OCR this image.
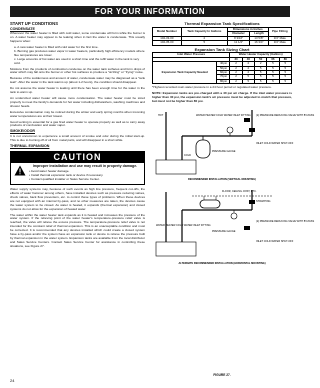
FOR YOUR INFORMATION
START UP CONDITIONS
CONDENSATE

Whenever the water heater is filled with cold water, some condensate will form while the burner is on. A water heater may appear to be leaking when in fact the water is condensate. This usually happens when:

a. A new water heater is filled with cold water for the first time.
b. Burning gas produces water vapor in water heaters, particularly high efficiency models where flue temperatures are lower.
c. Large amounts of hot water are used in a short time and the refill water in the tank is very cold.

Moisture from the products of combustion condense on the water tank surfaces and form drops of water which may fall onto the burner or other hot surfaces to produce a "sizzling" or "frying" noise.

Because of the suddenness and amount of water, condensate water may be diagnosed as a "tank leak". After the water in the tank warms up (about 1-2 hours), the condition should disappear.

Do not assume the water heater is leaking until there has been enough time for the water in the tank to warm up.

An undersized water heater will cause more condensation. The water heater must be sized properly to meet the family's demands for hot water including dishwashers, washing machines and shower heads.

Excessive condensation may be noticed during the winter and early spring months when incoming water temperatures are at their lowest.

Good venting is essential for a gas fired water heater to operate properly as well as to carry away products of combustion and water vapor.

SMOKE/ODOR

It is not uncommon to experience a small amount of smoke and odor during the initial start-up. This is due to burning off of oil from metal parts, and will disappear in a short while.

THERMAL EXPANSION
CAUTION
Improper installation and use may result in property damage.
• Avoid water heater damage.
• Install thermal expansion tank or device if necessary.
• Contact qualified installer or Sales Service Center.

Water supply systems may, because of such events as high line pressure, frequent cut-offs, the effects of water hammer among others, have installed devices such as pressure reducing valves, check valves, back flow preventers, etc. to control these types of problems. When these devices are not equipped with an internal by-pass, and no other measures are taken, the devices cause the water system to be closed. As water is heated, it expands (thermal expansion) and closed systems do not allow for the expansion of heated water.

The water within the water heater tank expands as it is heated and increases the pressure of the water system. If the relieving point of the water heater's temperature-pressure relief valve is reached, the valve will relieve the excess pressure. The temperature-pressure relief valve is not intended for the constant relief of thermal expansion. This is an unacceptable condition and must be corrected. It is recommended that any devices installed which could create a closed system have a by-pass and/or the system have an expansion tank or device to relieve the pressure built by thermal expansion in the water system. Expansion tanks are available from the local distributor and Sales Service Centers. Contact Sales Service Center for assistance in controlling these situations, see Figure 27.

Thermal Expansion Tank Specifications
Model Number	Tank Capacity In Gallons	Dimensions in Inches		Pipe Fitting
		Diameter	Length	
102-33-00	2	8 3/16"	13 5/8"	3/4" Male
102-35-00	5	11 1/4"	16 3/4"	3/4" Male
Expansion Tank Sizing Chart
Inlet Water Pressure		Water Heater Capacity (Gallons)				
		30	40	50	66	80
Expansion Tank Capacity Needed	40psi	2	2	2	5	5
	50psi	2	2	5	5	5
	60psi	2	2	5	5	5
	70psi	2	5	5	5	5
	80psi	2	5	5	5	5

*Highest recorded main water pressure in a 24 hour period or regulated water pressure.

NOTE: Expansion tanks are pre-charged with a 40 psi air charge. If the inlet water pressure is higher than 40 psi, the expansion tank's air pressure must be adjusted to match that pressure, but must not be higher than 80 psi.

HOT
COLD
WATER HEATER COLD WATER INLET FITTING (2) PRESSURE REDUCING VALVE WITH BY-PASS
PRESSURE GAUGE
INLET COLD WATER SHUT-OFF
RECOMMENDED INSTALLATION (VERTICAL MOUNTING)

WATER HEATER COLD WATER INLET FITTING
FLOOR, CEILING JOIST, ETC.
STRAPPING
(2) PRESSURE REDUCING VALVE WITH BY-PASS
PRESSURE GAUGE
INLET COLD WATER SHUT-OFF
ALTERNATE RECOMMENDED INSTALLATION (HORIZONTAL MOUNTING)
FIGURE 27.
24
